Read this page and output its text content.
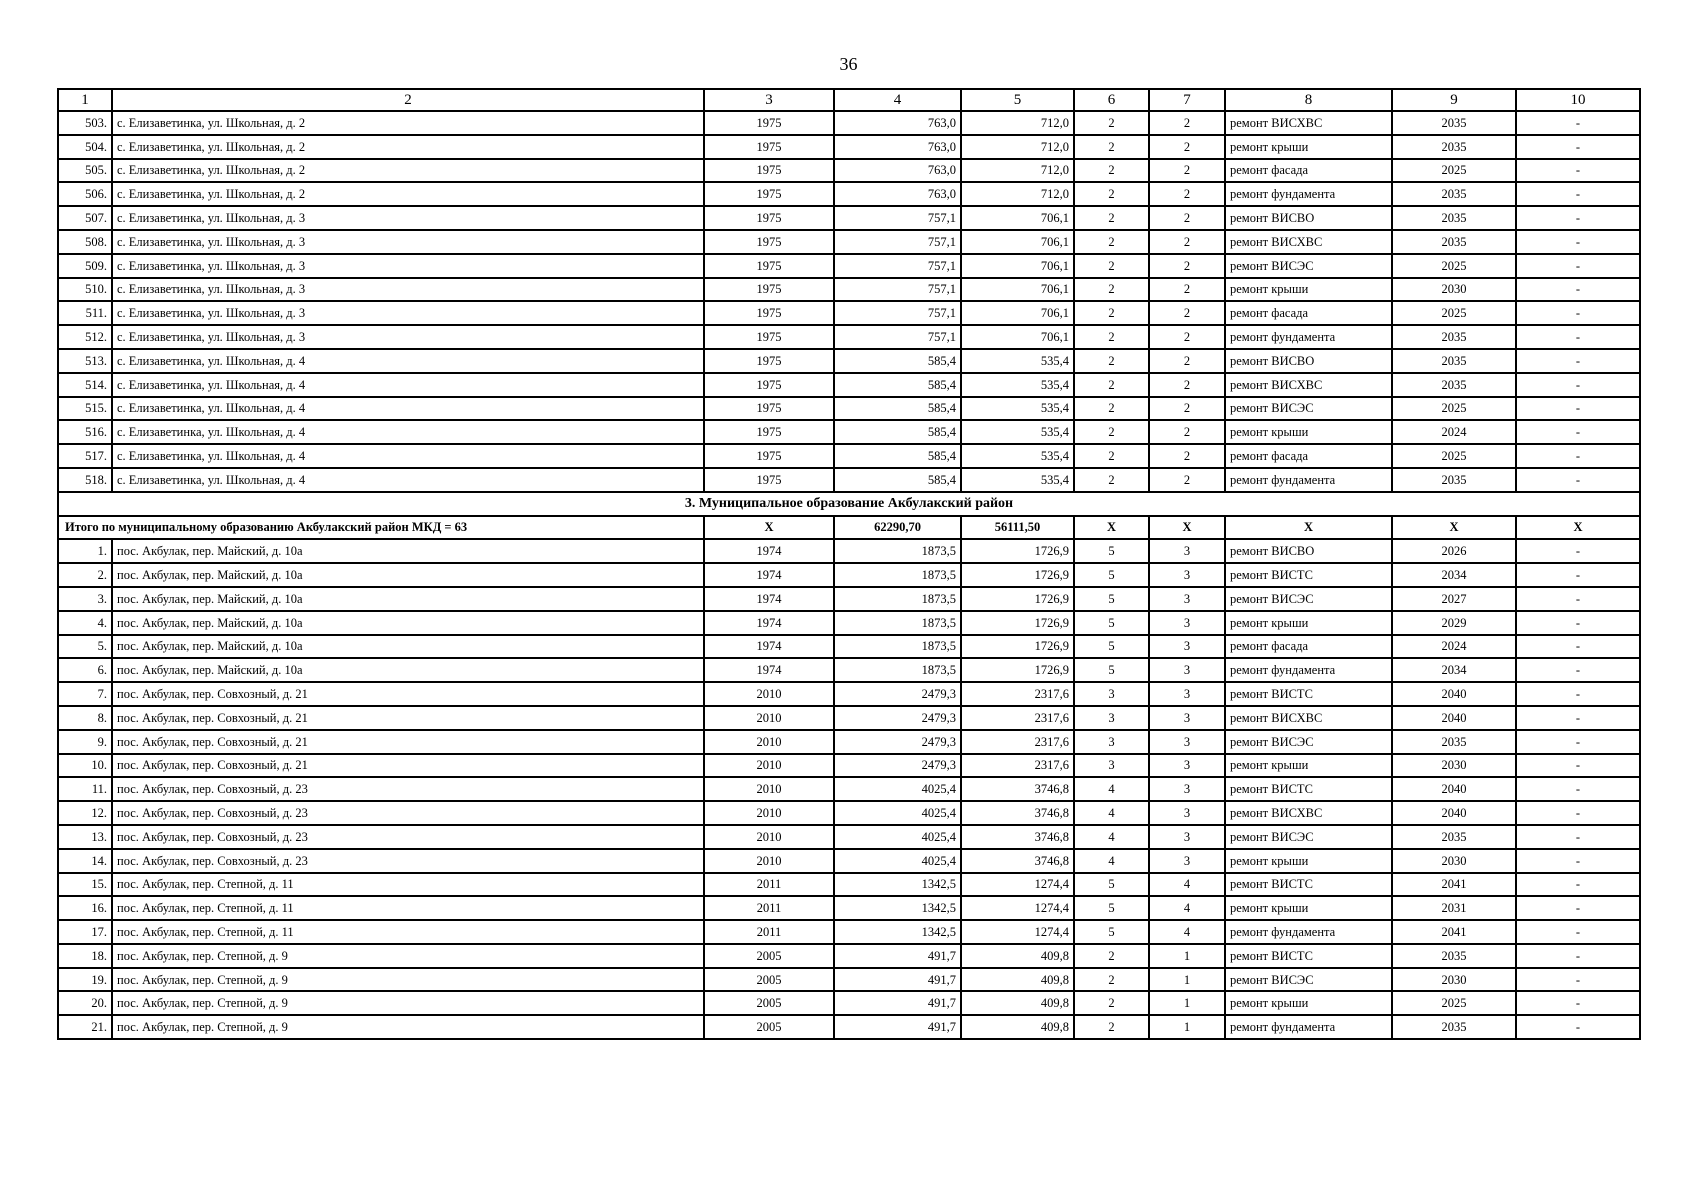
36
1	2	3	4	5	6	7	8	9	10
503.	с. Елизаветинка, ул. Школьная, д. 2	1975	763,0	712,0	2	2	ремонт ВИСХВС	2035	-
504.	с. Елизаветинка, ул. Школьная, д. 2	1975	763,0	712,0	2	2	ремонт крыши	2035	-
505.	с. Елизаветинка, ул. Школьная, д. 2	1975	763,0	712,0	2	2	ремонт фасада	2025	-
506.	с. Елизаветинка, ул. Школьная, д. 2	1975	763,0	712,0	2	2	ремонт фундамента	2035	-
507.	с. Елизаветинка, ул. Школьная, д. 3	1975	757,1	706,1	2	2	ремонт ВИСВО	2035	-
508.	с. Елизаветинка, ул. Школьная, д. 3	1975	757,1	706,1	2	2	ремонт ВИСХВС	2035	-
509.	с. Елизаветинка, ул. Школьная, д. 3	1975	757,1	706,1	2	2	ремонт ВИСЭС	2025	-
510.	с. Елизаветинка, ул. Школьная, д. 3	1975	757,1	706,1	2	2	ремонт крыши	2030	-
511.	с. Елизаветинка, ул. Школьная, д. 3	1975	757,1	706,1	2	2	ремонт фасада	2025	-
512.	с. Елизаветинка, ул. Школьная, д. 3	1975	757,1	706,1	2	2	ремонт фундамента	2035	-
513.	с. Елизаветинка, ул. Школьная, д. 4	1975	585,4	535,4	2	2	ремонт ВИСВО	2035	-
514.	с. Елизаветинка, ул. Школьная, д. 4	1975	585,4	535,4	2	2	ремонт ВИСХВС	2035	-
515.	с. Елизаветинка, ул. Школьная, д. 4	1975	585,4	535,4	2	2	ремонт ВИСЭС	2025	-
516.	с. Елизаветинка, ул. Школьная, д. 4	1975	585,4	535,4	2	2	ремонт крыши	2024	-
517.	с. Елизаветинка, ул. Школьная, д. 4	1975	585,4	535,4	2	2	ремонт фасада	2025	-
518.	с. Елизаветинка, ул. Школьная, д. 4	1975	585,4	535,4	2	2	ремонт фундамента	2035	-
3. Муниципальное образование Акбулакский район									
Итого по муниципальному образованию Акбулакский район МКД = 63		Х	62290,70	56111,50	Х	Х	Х	Х	Х
1.	пос. Акбулак, пер. Майский, д. 10а	1974	1873,5	1726,9	5	3	ремонт ВИСВО	2026	-
2.	пос. Акбулак, пер. Майский, д. 10а	1974	1873,5	1726,9	5	3	ремонт ВИСТС	2034	-
3.	пос. Акбулак, пер. Майский, д. 10а	1974	1873,5	1726,9	5	3	ремонт ВИСЭС	2027	-
4.	пос. Акбулак, пер. Майский, д. 10а	1974	1873,5	1726,9	5	3	ремонт крыши	2029	-
5.	пос. Акбулак, пер. Майский, д. 10а	1974	1873,5	1726,9	5	3	ремонт фасада	2024	-
6.	пос. Акбулак, пер. Майский, д. 10а	1974	1873,5	1726,9	5	3	ремонт фундамента	2034	-
7.	пос. Акбулак, пер. Совхозный, д. 21	2010	2479,3	2317,6	3	3	ремонт ВИСТС	2040	-
8.	пос. Акбулак, пер. Совхозный, д. 21	2010	2479,3	2317,6	3	3	ремонт ВИСХВС	2040	-
9.	пос. Акбулак, пер. Совхозный, д. 21	2010	2479,3	2317,6	3	3	ремонт ВИСЭС	2035	-
10.	пос. Акбулак, пер. Совхозный, д. 21	2010	2479,3	2317,6	3	3	ремонт крыши	2030	-
11.	пос. Акбулак, пер. Совхозный, д. 23	2010	4025,4	3746,8	4	3	ремонт ВИСТС	2040	-
12.	пос. Акбулак, пер. Совхозный, д. 23	2010	4025,4	3746,8	4	3	ремонт ВИСХВС	2040	-
13.	пос. Акбулак, пер. Совхозный, д. 23	2010	4025,4	3746,8	4	3	ремонт ВИСЭС	2035	-
14.	пос. Акбулак, пер. Совхозный, д. 23	2010	4025,4	3746,8	4	3	ремонт крыши	2030	-
15.	пос. Акбулак, пер. Степной, д. 11	2011	1342,5	1274,4	5	4	ремонт ВИСТС	2041	-
16.	пос. Акбулак, пер. Степной, д. 11	2011	1342,5	1274,4	5	4	ремонт крыши	2031	-
17.	пос. Акбулак, пер. Степной, д. 11	2011	1342,5	1274,4	5	4	ремонт фундамента	2041	-
18.	пос. Акбулак, пер. Степной, д. 9	2005	491,7	409,8	2	1	ремонт ВИСТС	2035	-
19.	пос. Акбулак, пер. Степной, д. 9	2005	491,7	409,8	2	1	ремонт ВИСЭС	2030	-
20.	пос. Акбулак, пер. Степной, д. 9	2005	491,7	409,8	2	1	ремонт крыши	2025	-
21.	пос. Акбулак, пер. Степной, д. 9	2005	491,7	409,8	2	1	ремонт фундамента	2035	-
